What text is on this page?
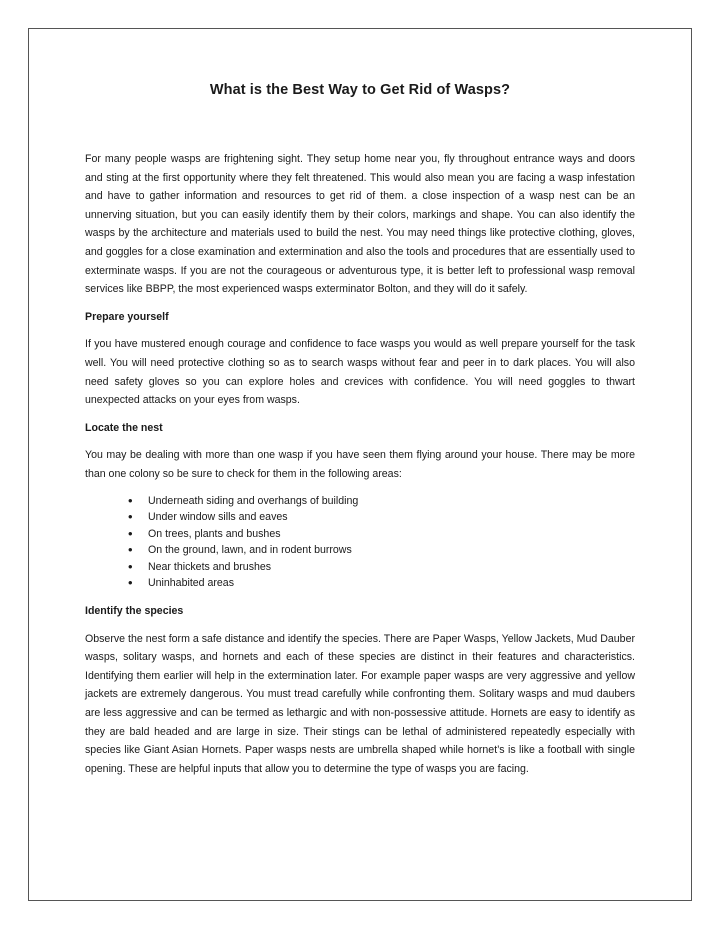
What is the Best Way to Get Rid of Wasps?

For many people wasps are frightening sight. They setup home near you, fly throughout entrance ways and doors and sting at the first opportunity where they felt threatened. This would also mean you are facing a wasp infestation and have to gather information and resources to get rid of them. a close inspection of a wasp nest can be an unnerving situation, but you can easily identify them by their colors, markings and shape. You can also identify the wasps by the architecture and materials used to build the nest. You may need things like protective clothing, gloves, and goggles for a close examination and extermination and also the tools and procedures that are essentially used to exterminate wasps. If you are not the courageous or adventurous type, it is better left to professional wasp removal services like BBPP, the most experienced wasps exterminator Bolton, and they will do it safely.

Prepare yourself

If you have mustered enough courage and confidence to face wasps you would as well prepare yourself for the task well. You will need protective clothing so as to search wasps without fear and peer in to dark places. You will also need safety gloves so you can explore holes and crevices with confidence. You will need goggles to thwart unexpected attacks on your eyes from wasps.

Locate the nest

You may be dealing with more than one wasp if you have seen them flying around your house. There may be more than one colony so be sure to check for them in the following areas:

• Underneath siding and overhangs of building
• Under window sills and eaves
• On trees, plants and bushes
• On the ground, lawn, and in rodent burrows
• Near thickets and brushes
• Uninhabited areas
Identify the species

Observe the nest form a safe distance and identify the species. There are Paper Wasps, Yellow Jackets, Mud Dauber wasps, solitary wasps, and hornets and each of these species are distinct in their features and characteristics. Identifying them earlier will help in the extermination later. For example paper wasps are very aggressive and yellow jackets are extremely dangerous. You must tread carefully while confronting them. Solitary wasps and mud daubers are less aggressive and can be termed as lethargic and with non-possessive attitude. Hornets are easy to identify as they are bald headed and are large in size. Their stings can be lethal of administered repeatedly especially with species like Giant Asian Hornets. Paper wasps nests are umbrella shaped while hornet’s is like a football with single opening. These are helpful inputs that allow you to determine the type of wasps you are facing.
